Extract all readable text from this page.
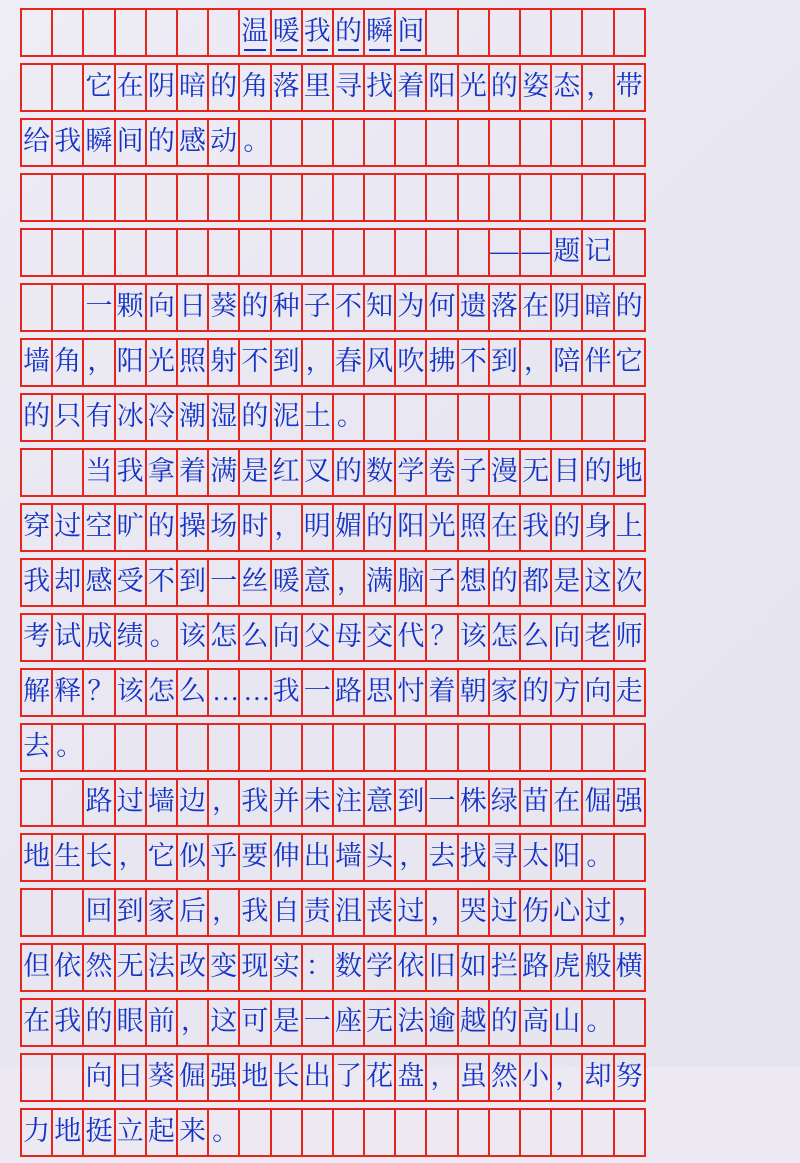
温 暖 我 的 瞬 间
它 在 阴 暗 的 角 落 里 寻 找 着 阳 光 的 姿 态 ， 带
给 我 瞬 间 的 感 动 。
— — 题 记
一 颗 向 日 葵 的 种 子 不 知 为 何 遗 落 在 阴 暗 的
墙 角 ， 阳 光 照 射 不 到 ， 春 风 吹 拂 不 到 ， 陪 伴 它
的 只 有 冰 冷 潮 湿 的 泥 土 。
当 我 拿 着 满 是 红 叉 的 数 学 卷 子 漫 无 目 的 地
穿 过 空 旷 的 操 场 时 ， 明 媚 的 阳 光 照 在 我 的 身 上
我 却 感 受 不 到 一 丝 暖 意 ， 满 脑 子 想 的 都 是 这 次
考 试 成 绩 。 该 怎 么 向 父 母 交 代 ？ 该 怎 么 向 老 师
解 释 ？ 该 怎 么 … … 我 一 路 思 忖 着 朝 家 的 方 向 走
去 。
路 过 墙 边 ， 我 并 未 注 意 到 一 株 绿 苗 在 倔 强
地 生 长 ， 它 似 乎 要 伸 出 墙 头 ， 去 找 寻 太 阳 。
回 到 家 后 ， 我 自 责 沮 丧 过 ， 哭 过 伤 心 过 ，
但 依 然 无 法 改 变 现 实 ： 数 学 依 旧 如 拦 路 虎 般 横
在 我 的 眼 前 ， 这 可 是 一 座 无 法 逾 越 的 高 山 。
向 日 葵 倔 强 地 长 出 了 花 盘 ， 虽 然 小 ， 却 努
力 地 挺 立 起 来 。
